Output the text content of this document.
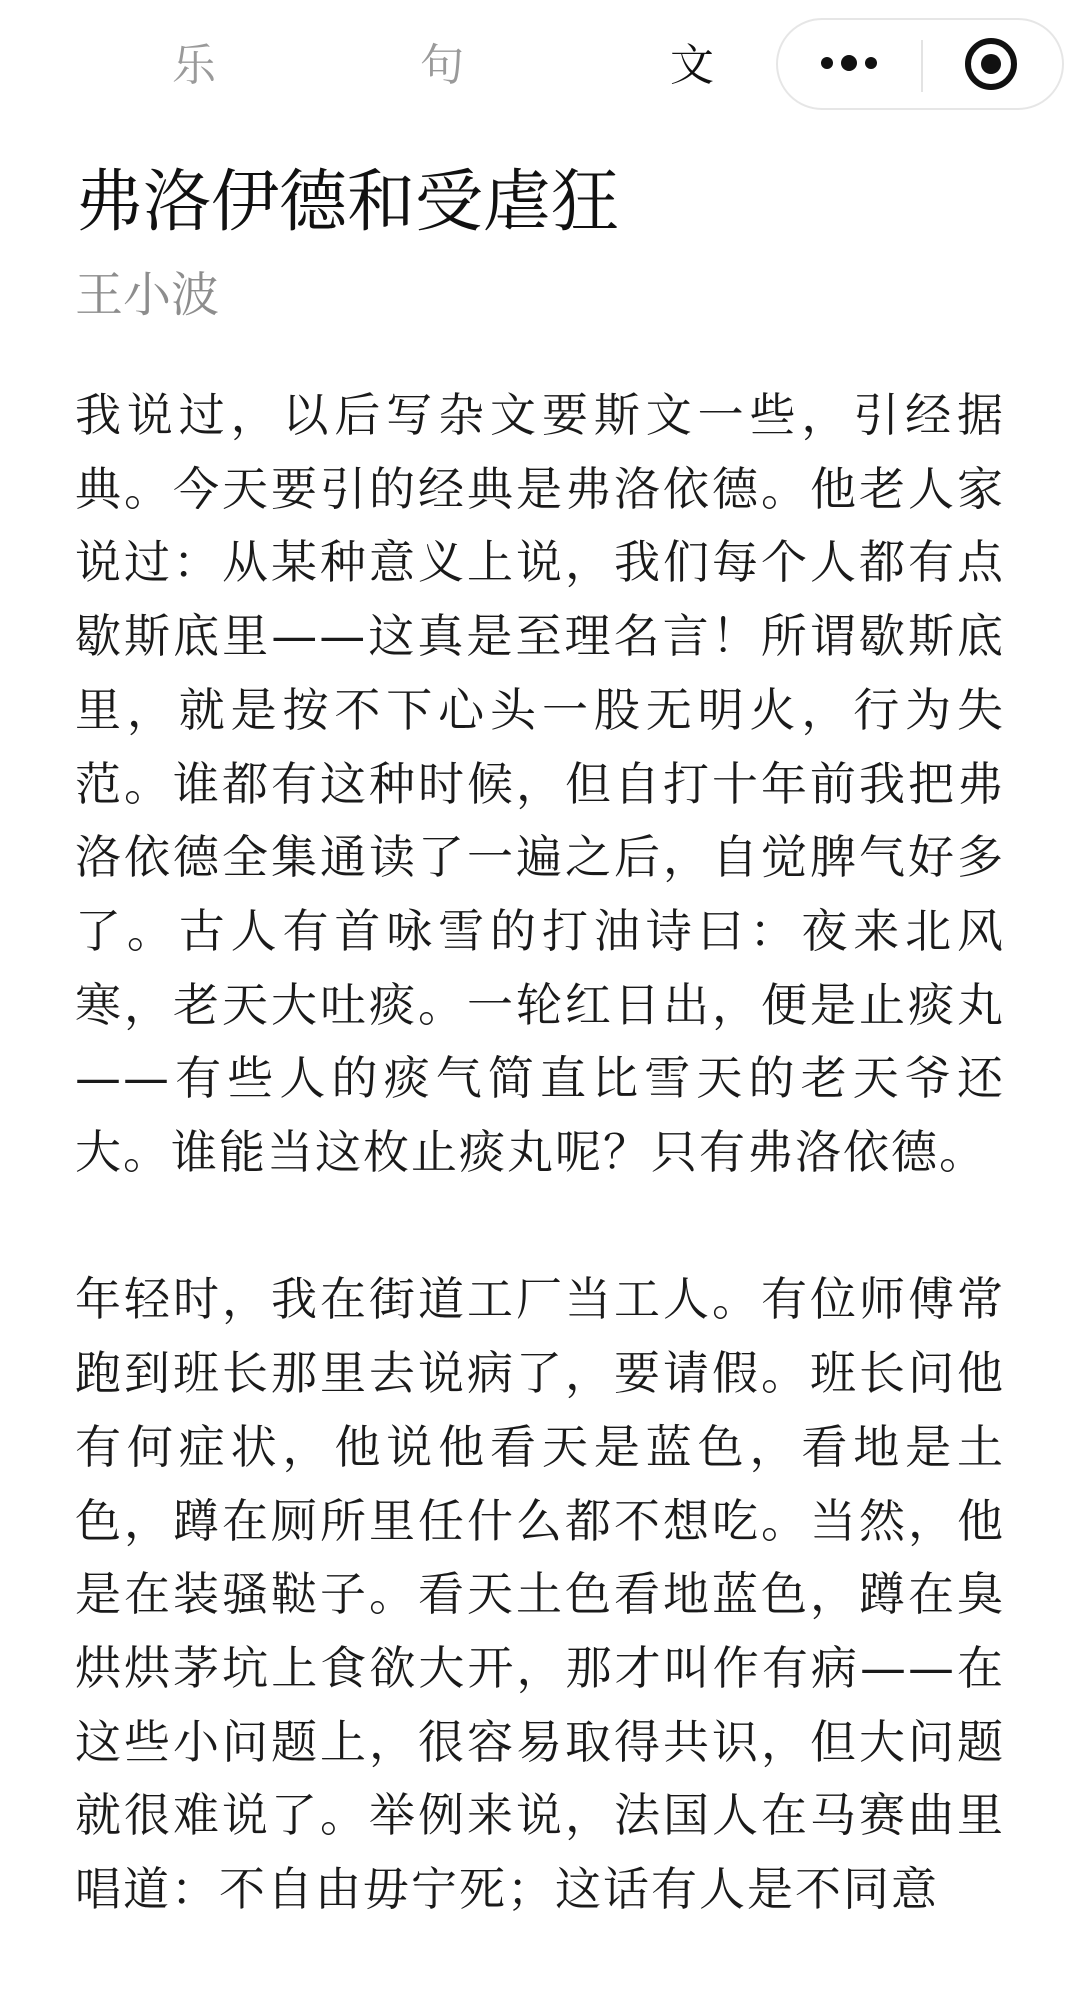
乐	句	文
弗洛伊德和受虐狂
王小波

我说过，以后写杂文要斯文一些，引经据典。今天要引的经典是弗洛依德。他老人家说过：从某种意义上说，我们每个人都有点歇斯底里——这真是至理名言！所谓歇斯底里，就是按不下心头一股无明火，行为失范。谁都有这种时候，但自打十年前我把弗洛依德全集通读了一遍之后，自觉脾气好多了。古人有首咏雪的打油诗曰：夜来北风寒，老天大吐痰。一轮红日出，便是止痰丸——有些人的痰气简直比雪天的老天爷还大。谁能当这枚止痰丸呢？只有弗洛依德。

年轻时，我在街道工厂当工人。有位师傅常跑到班长那里去说病了，要请假。班长问他有何症状，他说他看天是蓝色，看地是土色，蹲在厕所里任什么都不想吃。当然，他是在装骚鞑子。看天土色看地蓝色，蹲在臭烘烘茅坑上食欲大开，那才叫作有病——在这些小问题上，很容易取得共识，但大问题就很难说了。举例来说，法国人在马赛曲里唱道：不自由毋宁死；这话有人是不同意
